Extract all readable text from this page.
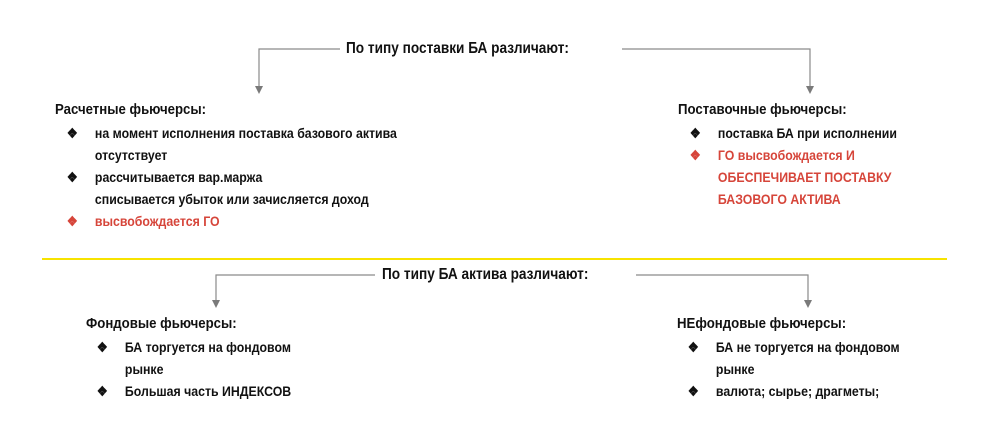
По типу поставки БА различают:
Расчетные фьючерсы:
❖ на момент исполнения поставка базового актива
отсутствует
❖ рассчитывается вар.маржа
списывается убыток или зачисляется доход
❖ высвобождается ГО
Поставочные фьючерсы:
❖ поставка БА при исполнении
❖ ГО высвобождается И
ОБЕСПЕЧИВАЕТ ПОСТАВКУ
БАЗОВОГО АКТИВА
По типу БА актива различают:
Фондовые фьючерсы:
❖ БА торгуется на фондовом
рынке
❖ Большая часть ИНДЕКСОВ
НЕфондовые фьючерсы:
❖ БА не торгуется на фондовом
рынке
❖ валюта; сырье; драгметы;
